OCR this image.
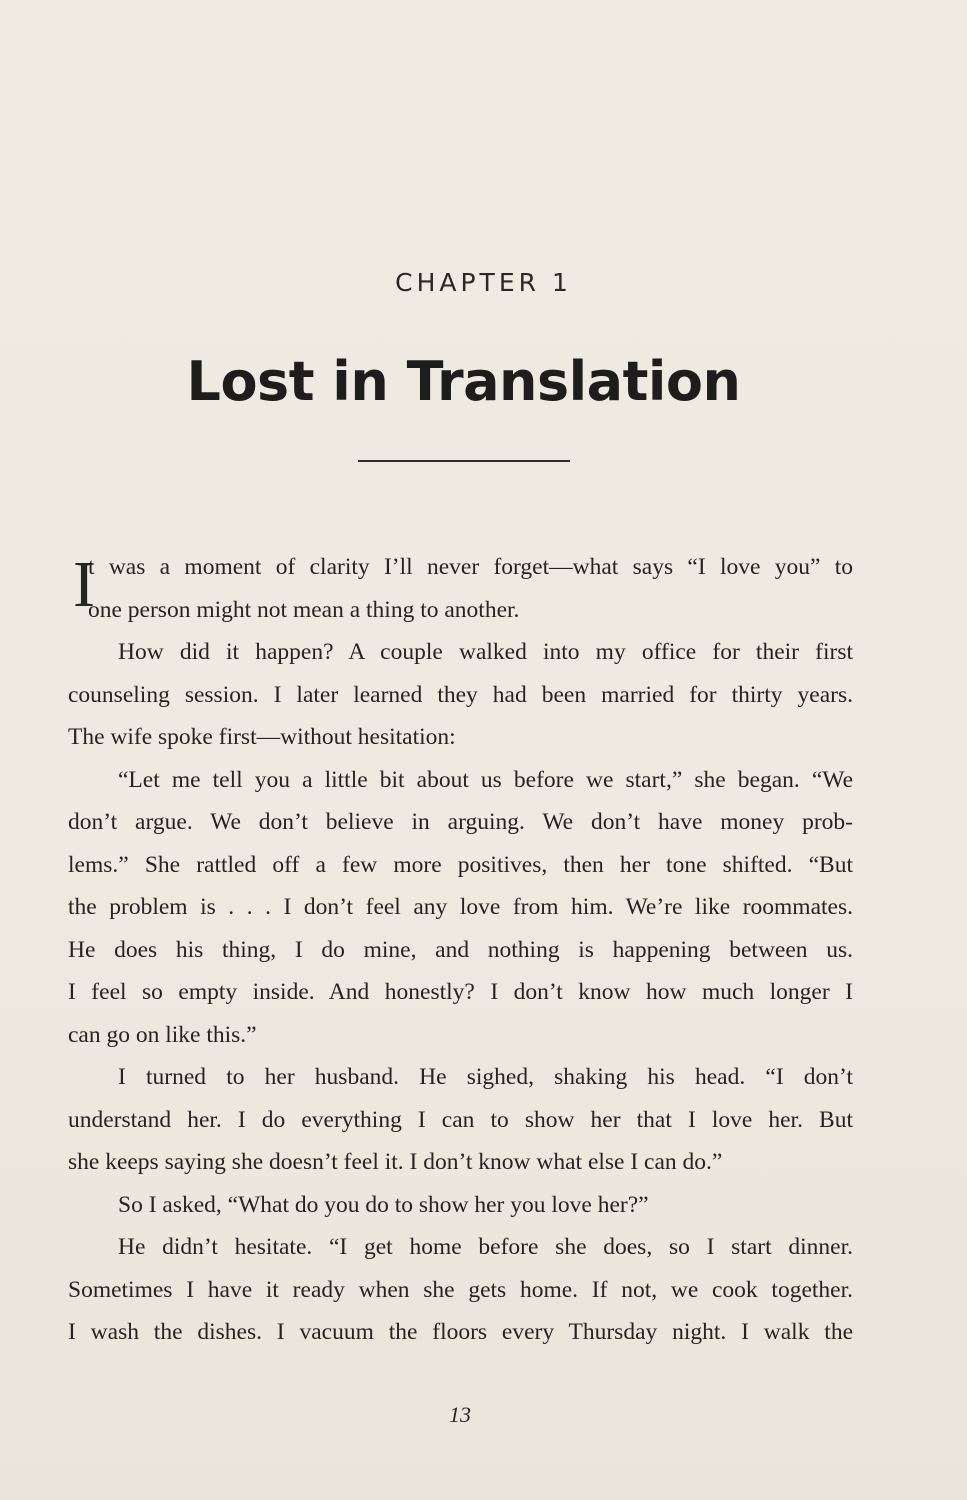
CHAPTER 1
Lost in Translation
I
t was a moment of clarity I’ll never forget—what says “I love you” to
one person might not mean a thing to another.
How did it happen? A couple walked into my office for their first
counseling session. I later learned they had been married for thirty years.
The wife spoke first—without hesitation:
“Let me tell you a little bit about us before we start,” she began. “We
don’t argue. We don’t believe in arguing. We don’t have money prob-
lems.” She rattled off a few more positives, then her tone shifted. “But
the problem is . . . I don’t feel any love from him. We’re like roommates.
He does his thing, I do mine, and nothing is happening between us.
I feel so empty inside. And honestly? I don’t know how much longer I
can go on like this.”
I turned to her husband. He sighed, shaking his head. “I don’t
understand her. I do everything I can to show her that I love her. But
she keeps saying she doesn’t feel it. I don’t know what else I can do.”
So I asked, “What do you do to show her you love her?”
He didn’t hesitate. “I get home before she does, so I start dinner.
Sometimes I have it ready when she gets home. If not, we cook together.
I wash the dishes. I vacuum the floors every Thursday night. I walk the
13
